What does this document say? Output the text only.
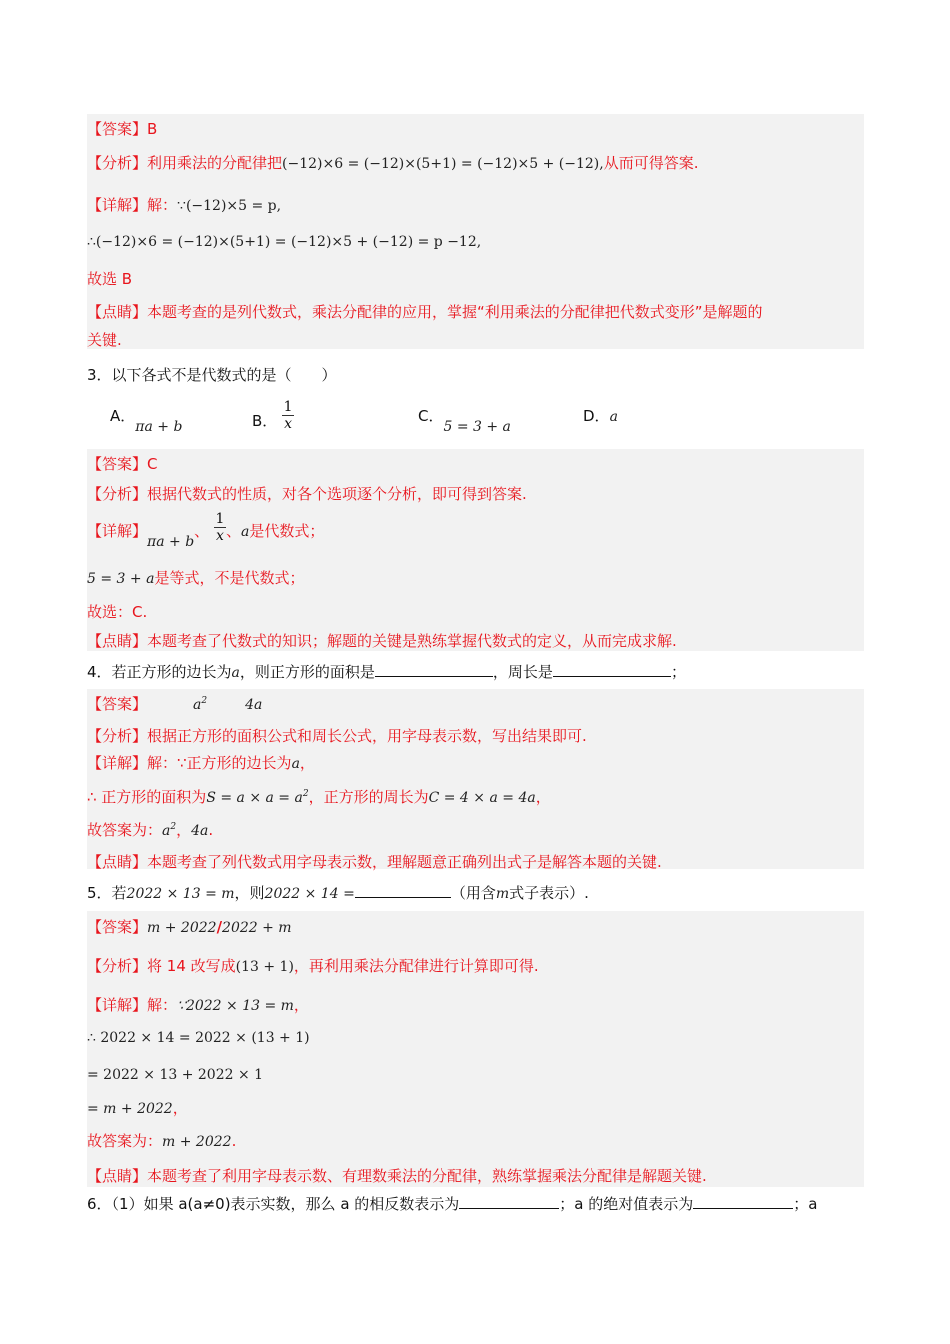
【答案】B
【分析】利用乘法的分配律把(−12)×6 = (−12)×(5+1) = (−12)×5 + (−12),从而可得答案.
【详解】解：∵(−12)×5 = p,
∴(−12)×6 = (−12)×(5+1) = (−12)×5 + (−12) = p −12,
故选 B
【点睛】本题考查的是列代数式，乘法分配律的应用，掌握“利用乘法的分配律把代数式变形”是解题的
关键.
3．以下各式不是代数式的是（　　）
A．πa + b	B． $\frac{1}{x}$	C．5 = 3 + a
D．a
【答案】C
【分析】根据代数式的性质，对各个选项逐个分析，即可得到答案.
【详解】πa + b、 $\frac{1}{x}$ 、a是代数式；
5 = 3 + a是等式，不是代数式；
故选：C.
【点睛】本题考查了代数式的知识；解题的关键是熟练掌握代数式的定义，从而完成求解.
4．若正方形的边长为a，则正方形的面积是	，周长是	；
【答案】	$a^2$	4a
【分析】根据正方形的面积公式和周长公式，用字母表示数，写出结果即可.
【详解】解：∵正方形的边长为a，
∴ 正方形的面积为$S = a \times a = a^2$，正方形的周长为C = 4 × a = 4a，
故答案为：$a^2$，4a.
【点睛】本题考查了列代数式用字母表示数，理解题意正确列出式子是解答本题的关键.
5．若2022 × 13 = m，则2022 × 14 =	（用含m式子表示）.
【答案】m + 2022/2022 + m
【分析】将 14 改写成(13 + 1)，再利用乘法分配律进行计算即可得.
【详解】解：∵2022 × 13 = m，
∴ 2022 × 14 = 2022 × (13 + 1)
= 2022 × 13 + 2022 × 1
= m + 2022，
故答案为：m + 2022.
【点睛】本题考查了利用字母表示数、有理数乘法的分配律，熟练掌握乘法分配律是解题关键.
6．（1）如果 a(a≠0)表示实数，那么 a 的相反数表示为	；a 的绝对值表示为	；a
